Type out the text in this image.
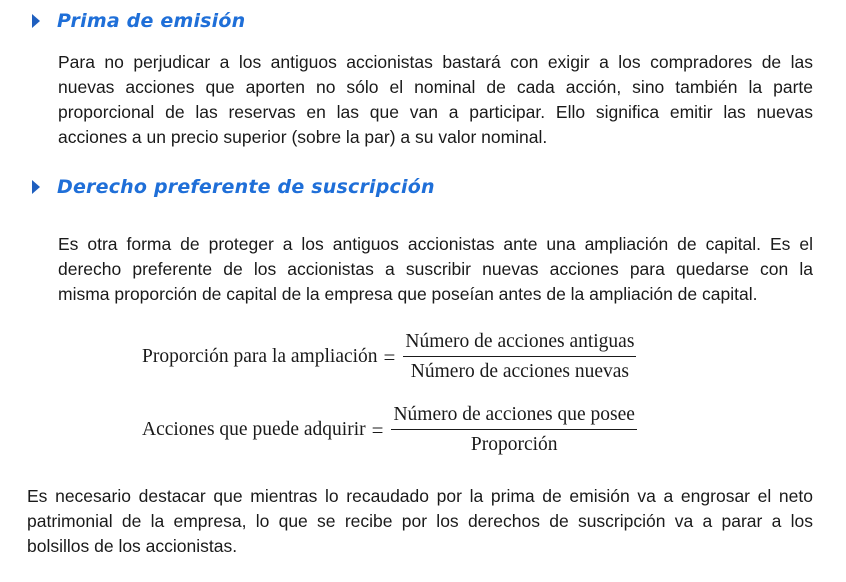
Prima de emisión
Para no perjudicar a los antiguos accionistas bastará con exigir a los compradores de las
nuevas acciones que aporten no sólo el nominal de cada acción, sino también la parte
proporcional de las reservas en las que van a participar. Ello significa emitir las nuevas
acciones a un precio superior (sobre la par) a su valor nominal.
Derecho preferente de suscripción
Es otra forma de proteger a los antiguos accionistas ante una ampliación de capital. Es el
derecho preferente de los accionistas a suscribir nuevas acciones para quedarse con la
misma proporción de capital de la empresa que poseían antes de la ampliación de capital.
Proporción para la ampliación = $\frac{\text{Número de acciones antiguas}}{\text{Número de acciones nuevas}}$
Acciones que puede adquirir = $\frac{\text{Número de acciones que posee}}{\text{Proporción}}$
Es necesario destacar que mientras lo recaudado por la prima de emisión va a engrosar el neto
patrimonial de la empresa, lo que se recibe por los derechos de suscripción va a parar a los
bolsillos de los accionistas.
